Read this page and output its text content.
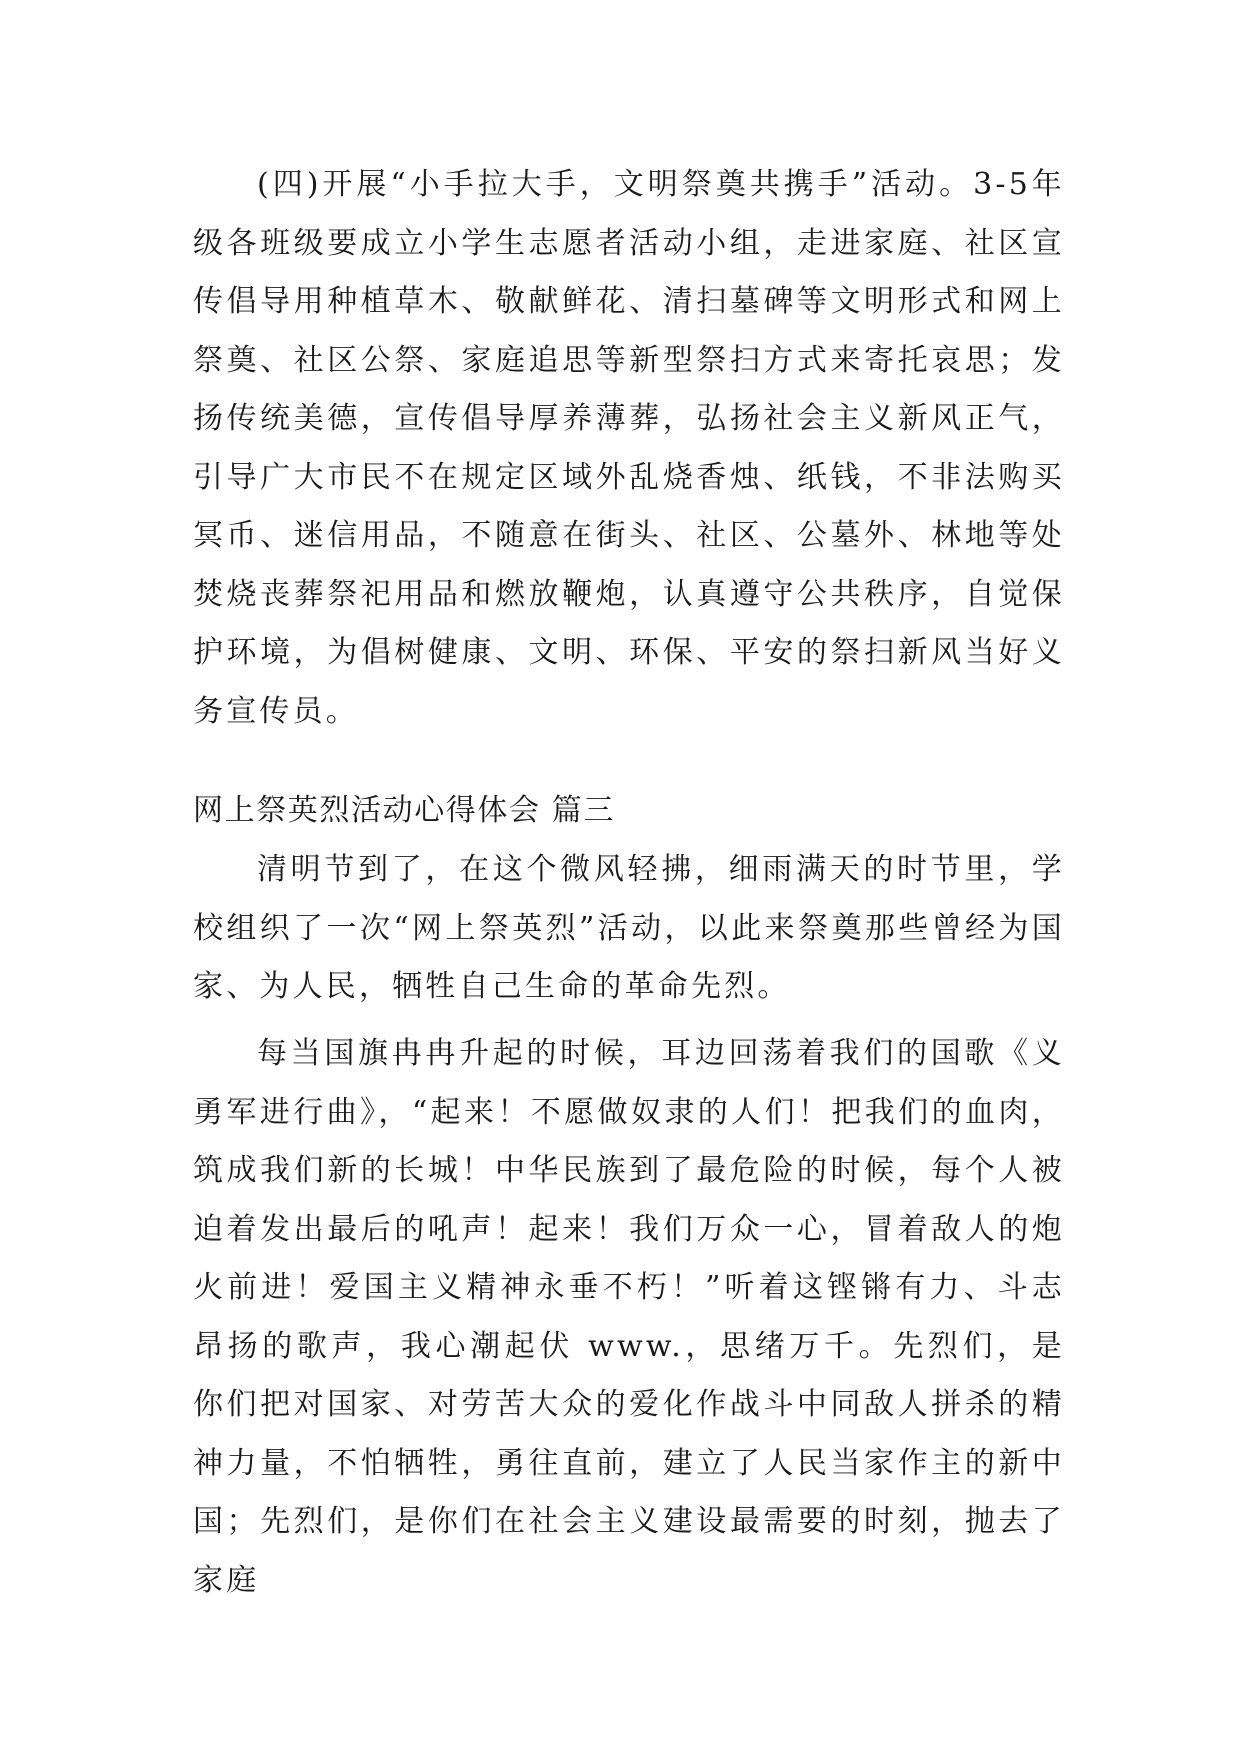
(四)开展“小手拉大手，文明祭奠共携手”活动。3-5年级各班级要成立小学生志愿者活动小组，走进家庭、社区宣传倡导用种植草木、敬献鲜花、清扫墓碑等文明形式和网上祭奠、社区公祭、家庭追思等新型祭扫方式来寄托哀思；发扬传统美德，宣传倡导厚养薄葬，弘扬社会主义新风正气，引导广大市民不在规定区域外乱烧香烛、纸钱，不非法购买冥币、迷信用品，不随意在街头、社区、公墓外、林地等处焚烧丧葬祭祀用品和燃放鞭炮，认真遵守公共秩序，自觉保护环境，为倡树健康、文明、环保、平安的祭扫新风当好义务宣传员。

网上祭英烈活动心得体会 篇三

清明节到了，在这个微风轻拂，细雨满天的时节里，学校组织了一次“网上祭英烈”活动，以此来祭奠那些曾经为国家、为人民，牺牲自己生命的革命先烈。

每当国旗冉冉升起的时候，耳边回荡着我们的国歌《义勇军进行曲》，“起来！不愿做奴隶的人们！把我们的血肉，筑成我们新的长城！中华民族到了最危险的时候，每个人被迫着发出最后的吼声！起来！我们万众一心，冒着敌人的炮火前进！爱国主义精神永垂不朽！”听着这铿锵有力、斗志昂扬的歌声，我心潮起伏 www.，思绪万千。先烈们，是你们把对国家、对劳苦大众的爱化作战斗中同敌人拼杀的精神力量，不怕牺牲，勇往直前，建立了人民当家作主的新中国；先烈们，是你们在社会主义建设最需要的时刻，抛去了家庭
